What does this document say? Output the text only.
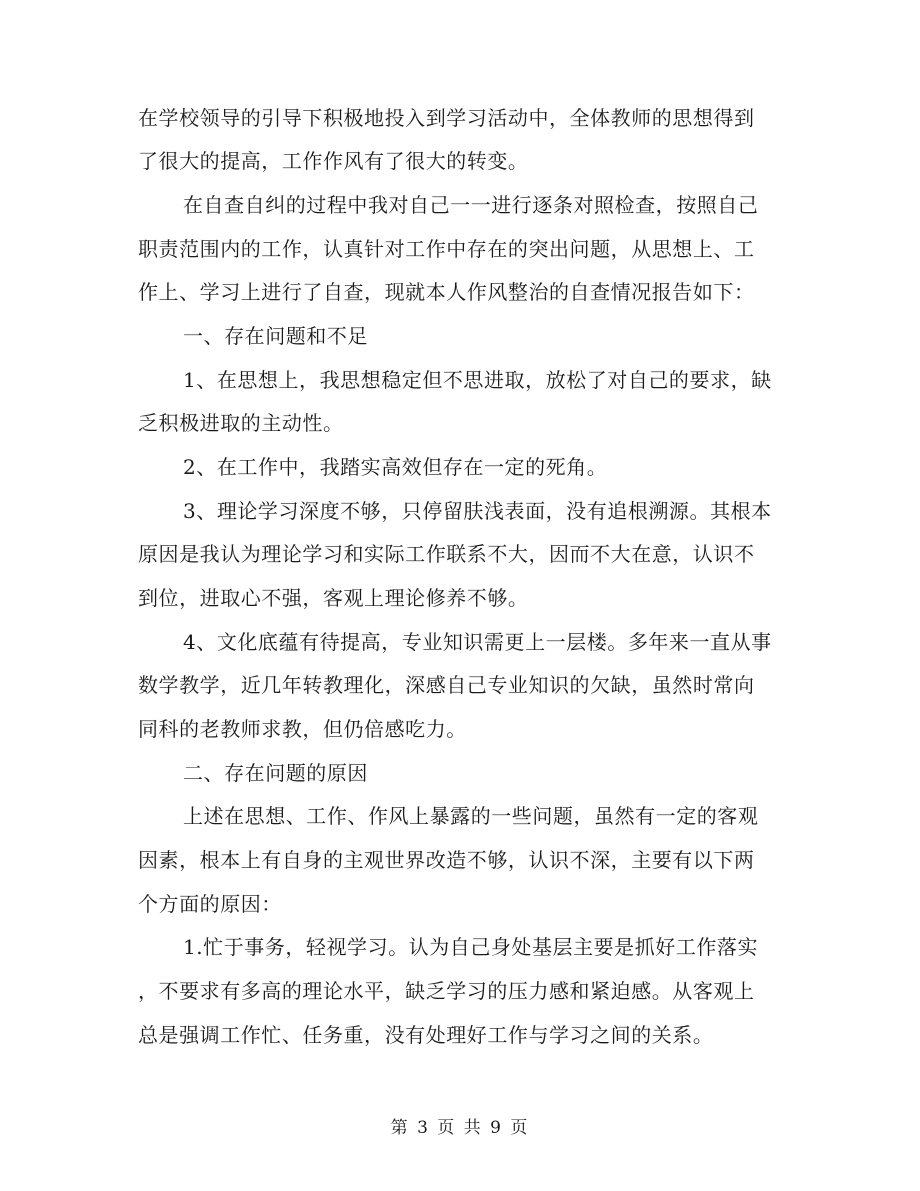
在学校领导的引导下积极地投入到学习活动中，全体教师的思想得到
了很大的提高，工作作风有了很大的转变。
在自查自纠的过程中我对自己一一进行逐条对照检查，按照自己
职责范围内的工作，认真针对工作中存在的突出问题，从思想上、工
作上、学习上进行了自查，现就本人作风整治的自查情况报告如下：
一、存在问题和不足
1、在思想上，我思想稳定但不思进取，放松了对自己的要求，缺
乏积极进取的主动性。
2、在工作中，我踏实高效但存在一定的死角。
3、理论学习深度不够，只停留肤浅表面，没有追根溯源。其根本
原因是我认为理论学习和实际工作联系不大，因而不大在意，认识不
到位，进取心不强，客观上理论修养不够。
4、文化底蕴有待提高，专业知识需更上一层楼。多年来一直从事
数学教学，近几年转教理化，深感自己专业知识的欠缺，虽然时常向
同科的老教师求教，但仍倍感吃力。
二、存在问题的原因
上述在思想、工作、作风上暴露的一些问题，虽然有一定的客观
因素，根本上有自身的主观世界改造不够，认识不深，主要有以下两
个方面的原因：
1.忙于事务，轻视学习。认为自己身处基层主要是抓好工作落实
，不要求有多高的理论水平，缺乏学习的压力感和紧迫感。从客观上
总是强调工作忙、任务重，没有处理好工作与学习之间的关系。
第 3 页 共 9 页
